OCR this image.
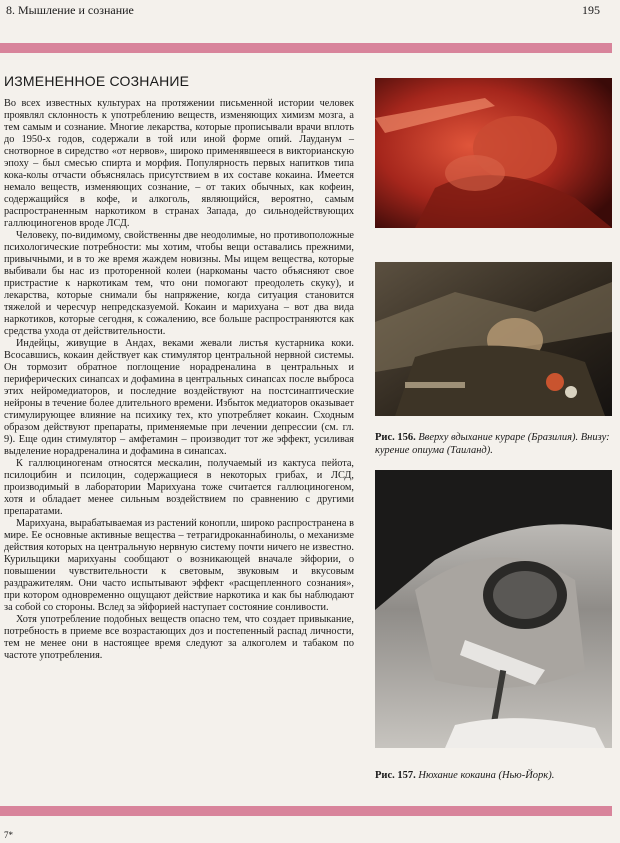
8. Мышление и сознание	195
ИЗМЕНЕННОЕ СОЗНАНИЕ

Во всех известных культурах на протяжении письменной истории человек проявлял склонность к употреблению веществ, изменяющих химизм мозга, а тем самым и сознание. Многие лекарства, которые прописывали врачи вплоть до 1950-х годов, содержали в той или иной форме опий. Лауданум – снотворное в сиредство «от нервов», широко применявшееся в викторианскую эпоху – был смесью спирта и морфия. Популярность первых напитков типа кока-колы отчасти объяснялась присутствием в их составе кокаина. Имеется немало веществ, изменяющих сознание, – от таких обычных, как кофеин, содержащийся в кофе, и алкоголь, являющийся, вероятно, самым распространенным наркотиком в странах Запада, до сильнодействующих галлюциногенов вроде ЛСД.

Человеку, по-видимому, свойственны две неодолимые, но противоположные психологические потребности: мы хотим, чтобы вещи оставались прежними, привычными, и в то же время жаждем новизны. Мы ищем вещества, которые выбивали бы нас из протоpенной колеи (наркоманы часто объясняют свое пристрастие к наркотикам тем, что они помогают преодолеть скуку), и лекарства, которые снимали бы напряжение, когда ситуация становится тяжелой и чересчур непредсказуемой. Кокаин и марихуана – вот два вида наркотиков, которые сегодня, к сожалению, все больше распространяются как средства ухода от действительности.

Индейцы, живущие в Андах, веками жевали листья кустарника коки. Всосавшись, кокаин действует как стимулятор центральной нервной системы. Он тормозит обратное поглощение норадреналина в центральных и периферических синапсах и дофамина в центральных синапсах после выброса этих нейромедиаторов, и последние воздействуют на постсинаптические нейроны в течение более длительного времени. Избыток медиаторов оказывает стимулирующее влияние на психику тех, кто употребляет кокаин. Сходным образом действуют препараты, применяемые при лечении депрессии (см. гл. 9). Еще один стимулятор – амфетамин – производит тот же эффект, усиливая выделение норадреналина и дофамина в синапсах.

К галлюциногенам относятся мескалин, получаемый из кактуса пейота, псилоцибин и псилоцин, содержащиеся в некоторых грибах, и ЛСД, производимый в лаборатории Марихуана тоже считается галлюциногеном, хотя и обладает менее сильным воздействием по сравнению с другими препаратами.

Марихуана, вырабатываемая из растений конопли, широко распространена в мире. Ее основные активные вещества – тетрагидроканнабинолы, о механизме действия которых на центральную нервную систему почти ничего не известно. Курильщики марихуаны сообщают о возникающей вначале эйфории, о повышении чувствительности к световым, звуковым и вкусовым раздражителям. Они часто испытывают эффект «расщепленного сознания», при котором одновременно ощущают действие наркотика и как бы наблюдают за собой со стороны. Вслед за эйфорией наступает состояние сонливости.

Хотя употребление подобных веществ опасно тем, что создает привыкание, потребность в приеме все возрастающих доз и постепенный распад личности, тем не менее они в настоящее время следуют за алкоголем и табаком по частоте употребления.

Рис. 156. Вверху вдыхание кураре (Бразилия). Внизу: курение опиума (Таиланд).
Рис. 157. Нюхание кокаина (Нью-Йорк).
7*
